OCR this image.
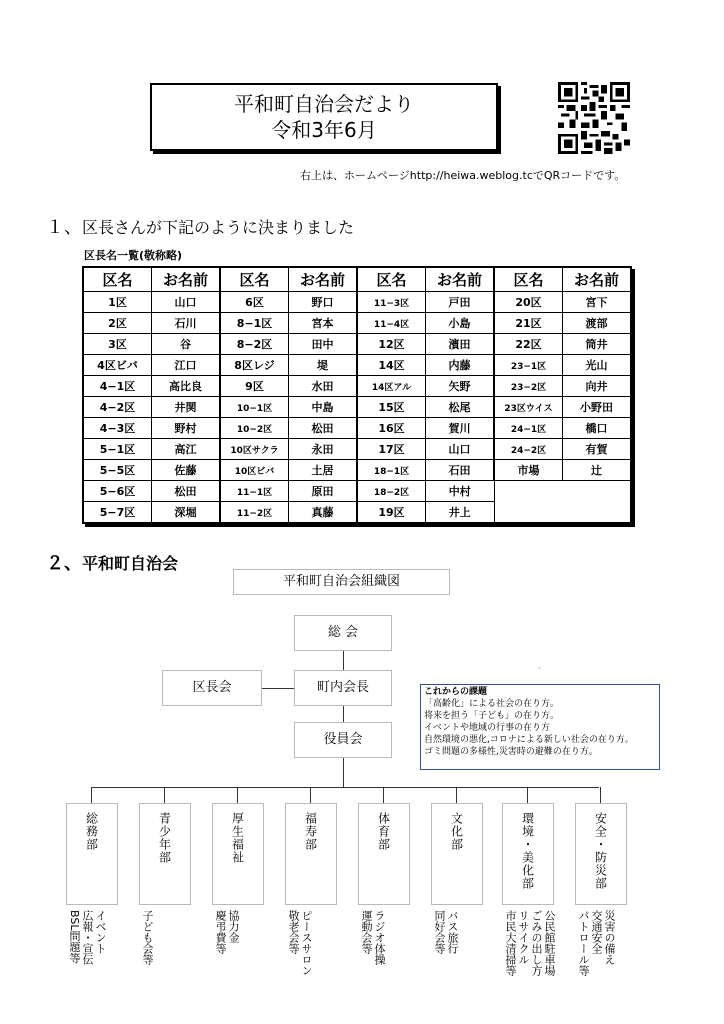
平和町自治会だより
令和3年6月
右上は、ホームページhttp://heiwa.weblog.tcでQRコードです。
１、区長さんが下記のように決まりました
区長名一覧(敬称略)
区名	お名前	区名	お名前	区名	お名前	区名	お名前
1区	山口	6区	野口	11−3区	戸田	20区	宮下
2区	石川	8−1区	宮本	11−4区	小島	21区	渡部
3区	谷	8−2区	田中	12区	濱田	22区	筒井
4区ビバ	江口	8区レジ	堤	14区	内藤	23−1区	光山
4−1区	高比良	9区	水田	14区アル	矢野	23−2区	向井
4−2区	井関	10−1区	中島	15区	松尾	23区ウイス	小野田
4−3区	野村	10−2区	松田	16区	賀川	24−1区	橋口
5−1区	高江	10区サクラ	永田	17区	山口	24−2区	有賀
5−5区	佐藤	10区ビバ	土居	18−1区	石田	市場	辻
5−6区	松田	11−1区	原田	18−2区	中村		
5−7区	深堀	11−2区	真藤	19区	井上		
２、平和町自治会
平和町自治会組織図
総 会
区長会	町内会長
役員会
·
これからの課題
「高齢化」による社会の在り方。
将来を担う「子ども」の在り方。
イベントや地域の行事の在り方
自然環境の悪化,コロナによる新しい社会の在り方。
ゴミ問題の多様性,災害時の避難の在り方。
総務部
イベント
広報・宣伝
BSL問題等
青少年部
子ども会等
厚生福祉
協力金
慶弔費等
福寿部
ピースサロン
敬老会等
体育部
ラジオ体操
運動会等
文化部
バス旅行
同好会等
環境・美化部
公民館駐車場
ごみの出し方
リサイクル
市民大清掃等
安全・防災部
災害の備え
交通安全
パトロール等
